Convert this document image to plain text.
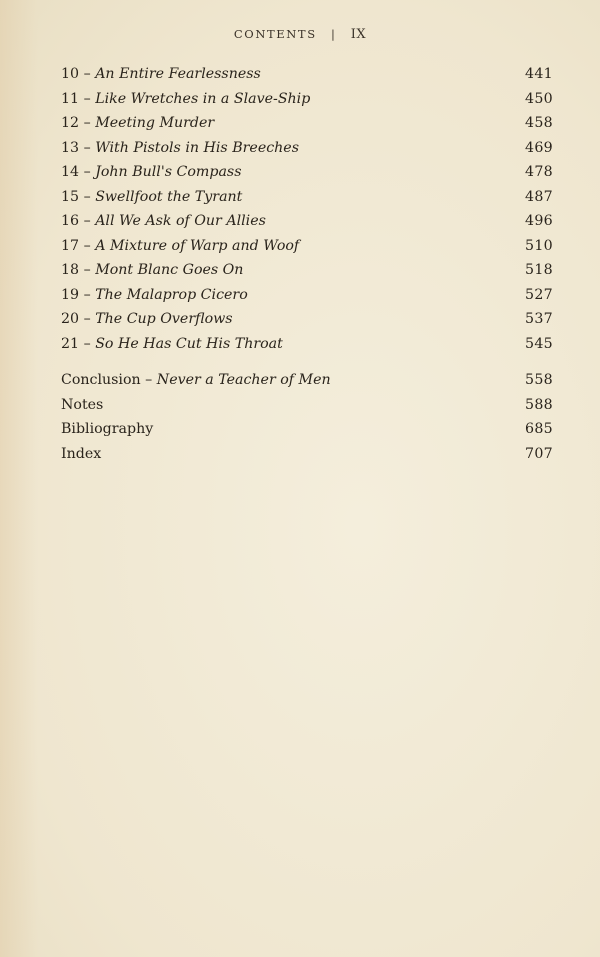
CONTENTS | IX
10 – An Entire Fearlessness	441
11 – Like Wretches in a Slave-Ship	450
12 – Meeting Murder	458
13 – With Pistols in His Breeches	469
14 – John Bull's Compass	478
15 – Swellfoot the Tyrant	487
16 – All We Ask of Our Allies	496
17 – A Mixture of Warp and Woof	510
18 – Mont Blanc Goes On	518
19 – The Malaprop Cicero	527
20 – The Cup Overflows	537
21 – So He Has Cut His Throat	545
Conclusion – Never a Teacher of Men	558
Notes	588
Bibliography	685
Index	707
